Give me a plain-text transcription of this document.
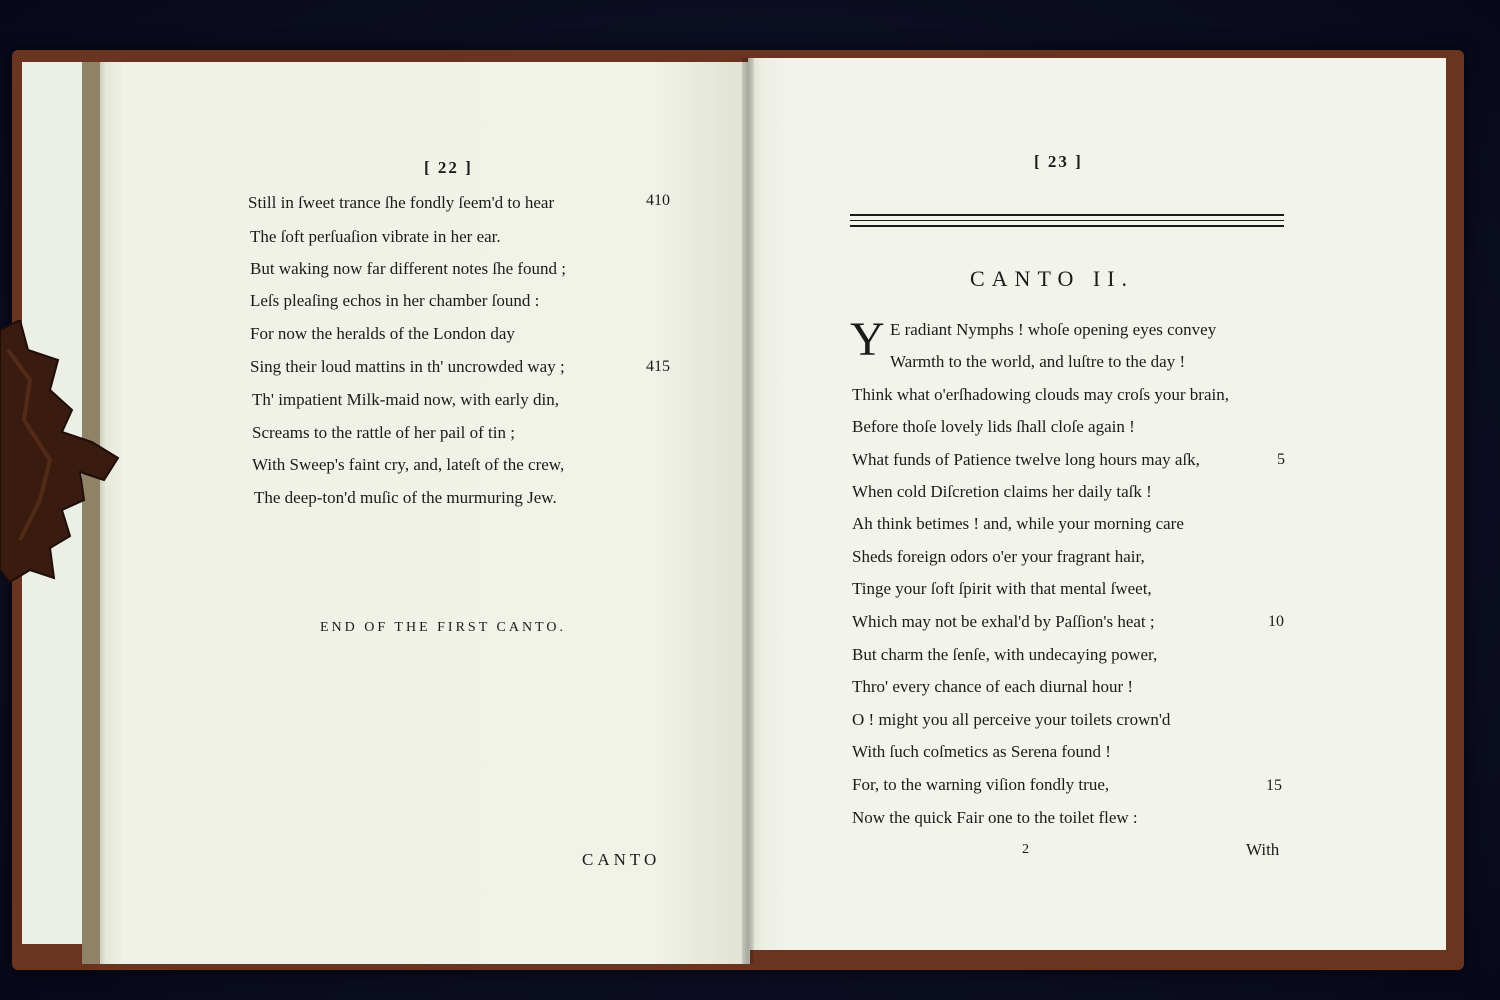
[ 22 ]
Still in ſweet trance ſhe fondly ſeem'd to hear
The ſoft perſuaſion vibrate in her ear.
But waking now far different notes ſhe found ;
Leſs pleaſing echos in her chamber ſound :
For now the heralds of the London day
Sing their loud mattins in th' uncrowded way ;
Th' impatient Milk-maid now, with early din,
Screams to the rattle of her pail of tin ;
With Sweep's faint cry, and, lateſt of the crew,
The deep-ton'd muſic of the murmuring Jew.
410
415
END OF THE FIRST CANTO.
CANTO
[ 23 ]
CANTO II.
Y E radiant Nymphs ! whoſe opening eyes convey
Warmth to the world, and luſtre to the day !
Think what o'erſhadowing clouds may croſs your brain,
Before thoſe lovely lids ſhall cloſe again !
What funds of Patience twelve long hours may aſk,
When cold Diſcretion claims her daily taſk !
Ah think betimes ! and, while your morning care
Sheds foreign odors o'er your fragrant hair,
Tinge your ſoft ſpirit with that mental ſweet,
Which may not be exhal'd by Paſſion's heat ;
But charm the ſenſe, with undecaying power,
Thro' every chance of each diurnal hour !
O ! might you all perceive your toilets crown'd
With ſuch coſmetics as Serena found !
For, to the warning viſion fondly true,
Now the quick Fair one to the toilet flew :
5
10
15
2	With
